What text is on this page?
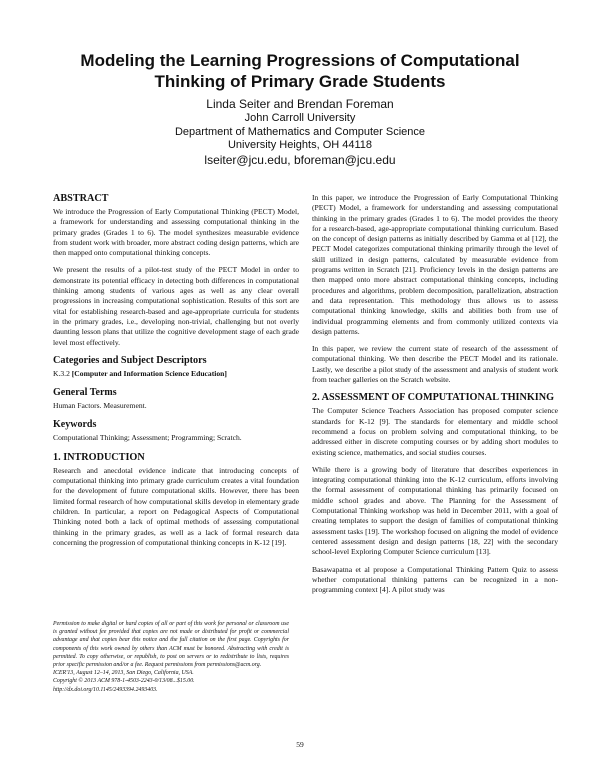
Modeling the Learning Progressions of Computational
Thinking of Primary Grade Students
Linda Seiter and Brendan Foreman
John Carroll University
Department of Mathematics and Computer Science
University Heights, OH 44118
lseiter@jcu.edu, bforeman@jcu.edu
ABSTRACT

We introduce the Progression of Early Computational Thinking (PECT) Model, a framework for understanding and assessing computational thinking in the primary grades (Grades 1 to 6). The model synthesizes measurable evidence from student work with broader, more abstract coding design patterns, which are then mapped onto computational thinking concepts.

We present the results of a pilot-test study of the PECT Model in order to demonstrate its potential efficacy in detecting both differences in computational thinking among students of various ages as well as any clear overall progressions in increasing computational sophistication. Results of this sort are vital for establishing research-based and age-appropriate curricula for students in the primary grades, i.e., developing non-trivial, challenging but not overly daunting lesson plans that utilize the cognitive development stage of each grade level most effectively.

Categories and Subject Descriptors

K.3.2 [Computer and Information Science Education]

General Terms

Human Factors. Measurement.

Keywords

Computational Thinking; Assessment; Programming; Scratch.

1. INTRODUCTION

Research and anecdotal evidence indicate that introducing concepts of computational thinking into primary grade curriculum creates a vital foundation for the development of future computational skills. However, there has been limited formal research of how computational skills develop in elementary grade children. In particular, a report on Pedagogical Aspects of Computational Thinking noted both a lack of optimal methods of assessing computational thinking in the primary grades, as well as a lack of formal research data concerning the progression of computational thinking concepts in K-12 [19].

Permission to make digital or hard copies of all or part of this work for personal or classroom use is granted without fee provided that copies are not made or distributed for profit or commercial advantage and that copies bear this notice and the full citation on the first page. Copyrights for components of this work owned by others than ACM must be honored. Abstracting with credit is permitted. To copy otherwise, or republish, to post on servers or to redistribute to lists, requires prior specific permission and/or a fee. Request permissions from permissions@acm.org.
ICER'13, August 12–14, 2013, San Diego, California, USA.
Copyright © 2013 ACM 978-1-4503-2243-0/13/08...$15.00.
http://dx.doi.org/10.1145/2493394.2493403.

In this paper, we introduce the Progression of Early Computational Thinking (PECT) Model, a framework for understanding and assessing computational thinking in the primary grades (Grades 1 to 6). The model provides the theory for a research-based, age-appropriate computational thinking curriculum. Based on the concept of design patterns as initially described by Gamma et al [12], the PECT Model categorizes computational thinking primarily through the level of skill utilized in design patterns, calculated by measurable evidence from programs written in Scratch [21]. Proficiency levels in the design patterns are then mapped onto more abstract computational thinking concepts, including procedures and algorithms, problem decomposition, parallelization, abstraction and data representation. This methodology thus allows us to assess computational thinking knowledge, skills and abilities both from use of individual programming elements and from commonly utilized contexts via design patterns.

In this paper, we review the current state of research of the assessment of computational thinking. We then describe the PECT Model and its rationale. Lastly, we describe a pilot study of the assessment and analysis of student work from teacher galleries on the Scratch website.

2. ASSESSMENT OF COMPUTATIONAL THINKING

The Computer Science Teachers Association has proposed computer science standards for K-12 [9]. The standards for elementary and middle school recommend a focus on problem solving and computational thinking, to be addressed either in discrete computing courses or by adding short modules to existing science, mathematics, and social studies courses.

While there is a growing body of literature that describes experiences in integrating computational thinking into the K-12 curriculum, efforts involving the formal assessment of computational thinking has primarily focused on middle school grades and above. The Planning for the Assessment of Computational Thinking workshop was held in December 2011, with a goal of creating templates to support the design of families of computational thinking assessment tasks [19]. The workshop focused on aligning the model of evidence centered assessment design and design patterns [18, 22] with the secondary school-level Exploring Computer Science curriculum [13].

Basawapatna et al propose a Computational Thinking Pattern Quiz to assess whether computational thinking patterns can be recognized in a non-programming context [4]. A pilot study was

59
